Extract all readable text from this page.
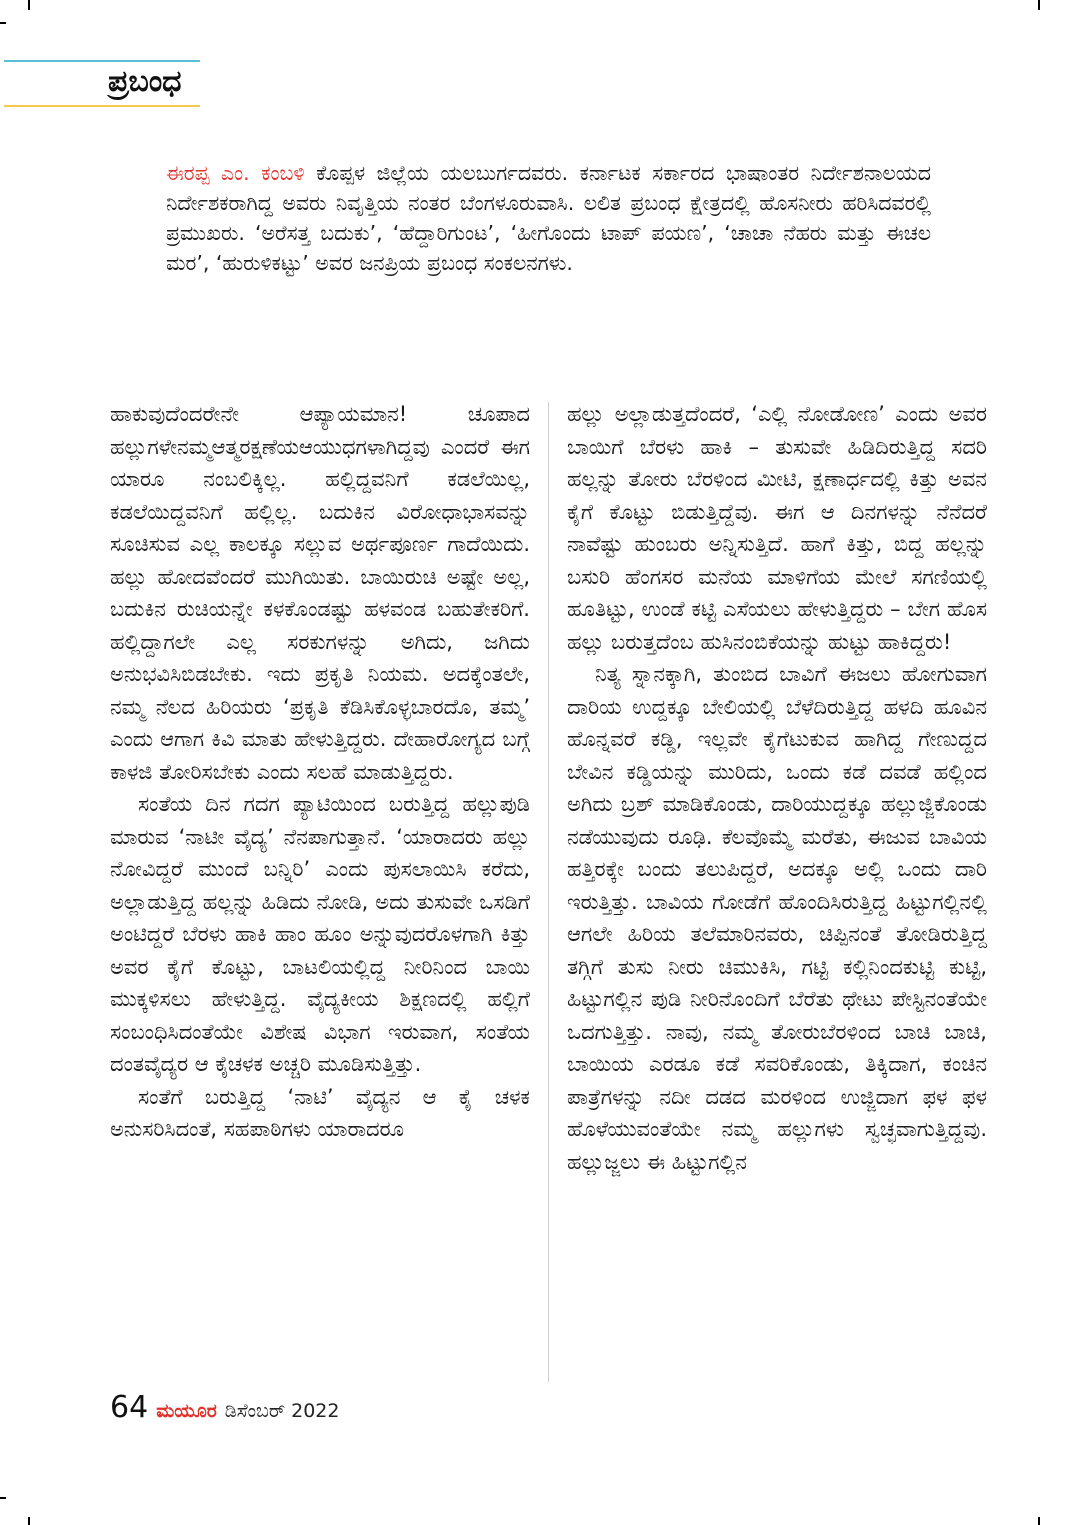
ಪ್ರಬಂಧ

ಈರಪ್ಪ ಎಂ. ಕಂಬಳಿ ಕೊಪ್ಪಳ ಜಿಲ್ಲೆಯ ಯಲಬುರ್ಗದವರು. ಕರ್ನಾಟಕ ಸರ್ಕಾರದ ಭಾಷಾಂತರ ನಿರ್ದೇಶನಾಲಯದ ನಿರ್ದೇಶಕರಾಗಿದ್ದ ಅವರು ನಿವೃತ್ತಿಯ ನಂತರ ಬೆಂಗಳೂರುವಾಸಿ. ಲಲಿತ ಪ್ರಬಂಧ ಕ್ಷೇತ್ರದಲ್ಲಿ ಹೊಸನೀರು ಹರಿಸಿದವರಲ್ಲಿ ಪ್ರಮುಖರು. ‘ಅರೆಸತ್ತ ಬದುಕು’, ‘ಹೆದ್ದಾರಿಗುಂಟ’, ‘ಹೀಗೊಂದು ಟಾಪ್ ಪಯಣ’, ‘ಚಾಚಾ ನೆಹರು ಮತ್ತು ಈಚಲ ಮರ’, ‘ಹುರುಳಿಕಟ್ಟು’ ಅವರ ಜನಪ್ರಿಯ ಪ್ರಬಂಧ ಸಂಕಲನಗಳು.

ಹಾಕುವುದೆಂದರೇನೇ ಆಪ್ಯಾಯಮಾನ! ಚೂಪಾದ ಹಲ್ಲುಗಳೇನಮ್ಮಆತ್ಮರಕ್ಷಣೆಯಆಯುಧಗಳಾಗಿದ್ದವು ಎಂದರೆ ಈಗ ಯಾರೂ ನಂಬಲಿಕ್ಕಿಲ್ಲ. ಹಲ್ಲಿದ್ದವನಿಗೆ ಕಡಲೆಯಿಲ್ಲ, ಕಡಲೆಯಿದ್ದವನಿಗೆ ಹಲ್ಲಿಲ್ಲ. ಬದುಕಿನ ವಿರೋಧಾಭಾಸವನ್ನು ಸೂಚಿಸುವ ಎಲ್ಲ ಕಾಲಕ್ಕೂ ಸಲ್ಲುವ ಅರ್ಥಪೂರ್ಣ ಗಾದೆಯಿದು. ಹಲ್ಲು ಹೋದವೆಂದರೆ ಮುಗಿಯಿತು. ಬಾಯಿರುಚಿ ಅಷ್ಟೇ ಅಲ್ಲ, ಬದುಕಿನ ರುಚಿಯನ್ನೇ ಕಳಕೊಂಡಷ್ಟು ಹಳವಂಡ ಬಹುತೇಕರಿಗೆ. ಹಲ್ಲಿದ್ದಾಗಲೇ ಎಲ್ಲ ಸರಕುಗಳನ್ನು ಅಗಿದು, ಜಗಿದು ಅನುಭವಿಸಿಬಿಡಬೇಕು. ಇದು ಪ್ರಕೃತಿ ನಿಯಮ. ಅದಕ್ಕೆಂತಲೇ, ನಮ್ಮ ನೆಲದ ಹಿರಿಯರು ‘ಪ್ರಕೃತಿ ಕೆಡಿಸಿಕೊಳ್ಳಬಾರದೊ, ತಮ್ಮ’ ಎಂದು ಆಗಾಗ ಕಿವಿ ಮಾತು ಹೇಳುತ್ತಿದ್ದರು. ದೇಹಾರೋಗ್ಯದ ಬಗ್ಗೆ ಕಾಳಜಿ ತೋರಿಸಬೇಕು ಎಂದು ಸಲಹೆ ಮಾಡುತ್ತಿದ್ದರು.

ಸಂತೆಯ ದಿನ ಗದಗ ಪ್ಯಾಟಿಯಿಂದ ಬರುತ್ತಿದ್ದ ಹಲ್ಲುಪುಡಿ ಮಾರುವ ‘ನಾಟೀ ವೈದ್ಯ’ ನೆನಪಾಗುತ್ತಾನೆ. ‘ಯಾರಾದರು ಹಲ್ಲು ನೋವಿದ್ದರೆ ಮುಂದೆ ಬನ್ನಿರಿ’ ಎಂದು ಪುಸಲಾಯಿಸಿ ಕರೆದು, ಅಲ್ಲಾಡುತ್ತಿದ್ದ ಹಲ್ಲನ್ನು ಹಿಡಿದು ನೋಡಿ, ಅದು ತುಸುವೇ ಒಸಡಿಗೆ ಅಂಟಿದ್ದರೆ ಬೆರಳು ಹಾಕಿ ಹಾಂ ಹೂಂ ಅನ್ನುವುದರೊಳಗಾಗಿ ಕಿತ್ತು ಅವರ ಕೈಗೆ ಕೊಟ್ಟು, ಬಾಟಲಿಯಲ್ಲಿದ್ದ ನೀರಿನಿಂದ ಬಾಯಿ ಮುಕ್ಕಳಿಸಲು ಹೇಳುತ್ತಿದ್ದ. ವೈದ್ಯಕೀಯ ಶಿಕ್ಷಣದಲ್ಲಿ ಹಲ್ಲಿಗೆ ಸಂಬಂಧಿಸಿದಂತೆಯೇ ವಿಶೇಷ ವಿಭಾಗ ಇರುವಾಗ, ಸಂತೆಯ ದಂತವೈದ್ಯರ ಆ ಕೈಚಳಕ ಅಚ್ಚರಿ ಮೂಡಿಸುತ್ತಿತ್ತು.

ಸಂತೆಗೆ ಬರುತ್ತಿದ್ದ ‘ನಾಟಿ’ ವೈದ್ಯನ ಆ ಕೈ ಚಳಕ ಅನುಸರಿಸಿದಂತೆ, ಸಹಪಾಠಿಗಳು ಯಾರಾದರೂ

ಹಲ್ಲು ಅಲ್ಲಾಡುತ್ತದೆಂದರೆ, ‘ಎಲ್ಲಿ ನೋಡೋಣ’ ಎಂದು ಅವರ ಬಾಯಿಗೆ ಬೆರಳು ಹಾಕಿ – ತುಸುವೇ ಹಿಡಿದಿರುತ್ತಿದ್ದ ಸದರಿ ಹಲ್ಲನ್ನು ತೋರು ಬೆರಳಿಂದ ಮೀಟಿ, ಕ್ಷಣಾರ್ಧದಲ್ಲಿ ಕಿತ್ತು ಅವನ ಕೈಗೆ ಕೊಟ್ಟು ಬಿಡುತ್ತಿದ್ದೆವು. ಈಗ ಆ ದಿನಗಳನ್ನು ನೆನೆದರೆ ನಾವೆಷ್ಟು ಹುಂಬರು ಅನ್ನಿಸುತ್ತಿದೆ. ಹಾಗೆ ಕಿತ್ತು, ಬಿದ್ದ ಹಲ್ಲನ್ನು ಬಸುರಿ ಹೆಂಗಸರ ಮನೆಯ ಮಾಳಿಗೆಯ ಮೇಲೆ ಸಗಣಿಯಲ್ಲಿ ಹೂತಿಟ್ಟು, ಉಂಡೆ ಕಟ್ಟಿ ಎಸೆಯಲು ಹೇಳುತ್ತಿದ್ದರು – ಬೇಗ ಹೊಸ ಹಲ್ಲು ಬರುತ್ತದೆಂಬ ಹುಸಿನಂಬಿಕೆಯನ್ನು ಹುಟ್ಟು ಹಾಕಿದ್ದರು!

ನಿತ್ಯ ಸ್ನಾನಕ್ಕಾಗಿ, ತುಂಬಿದ ಬಾವಿಗೆ ಈಜಲು ಹೋಗುವಾಗ ದಾರಿಯ ಉದ್ದಕ್ಕೂ ಬೇಲಿಯಲ್ಲಿ ಬೆಳೆದಿರುತ್ತಿದ್ದ ಹಳದಿ ಹೂವಿನ ಹೊನ್ನವರೆ ಕಡ್ಡಿ, ಇಲ್ಲವೇ ಕೈಗೆಟುಕುವ ಹಾಗಿದ್ದ ಗೇಣುದ್ದದ ಬೇವಿನ ಕಡ್ಡಿಯನ್ನು ಮುರಿದು, ಒಂದು ಕಡೆ ದವಡೆ ಹಲ್ಲಿಂದ ಅಗಿದು ಬ್ರಶ್ ಮಾಡಿಕೊಂಡು, ದಾರಿಯುದ್ದಕ್ಕೂ ಹಲ್ಲುಜ್ಜಿಕೊಂಡು ನಡೆಯುವುದು ರೂಢಿ. ಕೆಲವೊಮ್ಮೆ ಮರೆತು, ಈಜುವ ಬಾವಿಯ ಹತ್ತಿರಕ್ಕೇ ಬಂದು ತಲುಪಿದ್ದರೆ, ಅದಕ್ಕೂ ಅಲ್ಲಿ ಒಂದು ದಾರಿ ಇರುತ್ತಿತ್ತು. ಬಾವಿಯ ಗೋಡೆಗೆ ಹೊಂದಿಸಿರುತ್ತಿದ್ದ ಹಿಟ್ಟುಗಲ್ಲಿನಲ್ಲಿ ಆಗಲೇ ಹಿರಿಯ ತಲೆಮಾರಿನವರು, ಚಿಪ್ಪಿನಂತೆ ತೋಡಿರುತ್ತಿದ್ದ ತಗ್ಗಿಗೆ ತುಸು ನೀರು ಚಿಮುಕಿಸಿ, ಗಟ್ಟಿ ಕಲ್ಲಿನಿಂದಕುಟ್ಟಿ ಕುಟ್ಟಿ, ಹಿಟ್ಟುಗಲ್ಲಿನ ಪುಡಿ ನೀರಿನೊಂದಿಗೆ ಬೆರೆತು ಥೇಟು ಪೇಸ್ಟಿನಂತೆಯೇ ಒದಗುತ್ತಿತ್ತು. ನಾವು, ನಮ್ಮ ತೋರುಬೆರಳಿಂದ ಬಾಚಿ ಬಾಚಿ, ಬಾಯಿಯ ಎರಡೂ ಕಡೆ ಸವರಿಕೊಂಡು, ತಿಕ್ಕಿದಾಗ, ಕಂಚಿನ ಪಾತ್ರೆಗಳನ್ನು ನದೀ ದಡದ ಮರಳಿಂದ ಉಜ್ಜಿದಾಗ ಫಳ ಫಳ ಹೊಳೆಯುವಂತೆಯೇ ನಮ್ಮ ಹಲ್ಲುಗಳು ಸ್ವಚ್ಛವಾಗುತ್ತಿದ್ದವು. ಹಲ್ಲುಜ್ಜಲು ಈ ಹಿಟ್ಟುಗಲ್ಲಿನ

64 ಮಯೂರ ಡಿಸೆಂಬರ್ 2022
